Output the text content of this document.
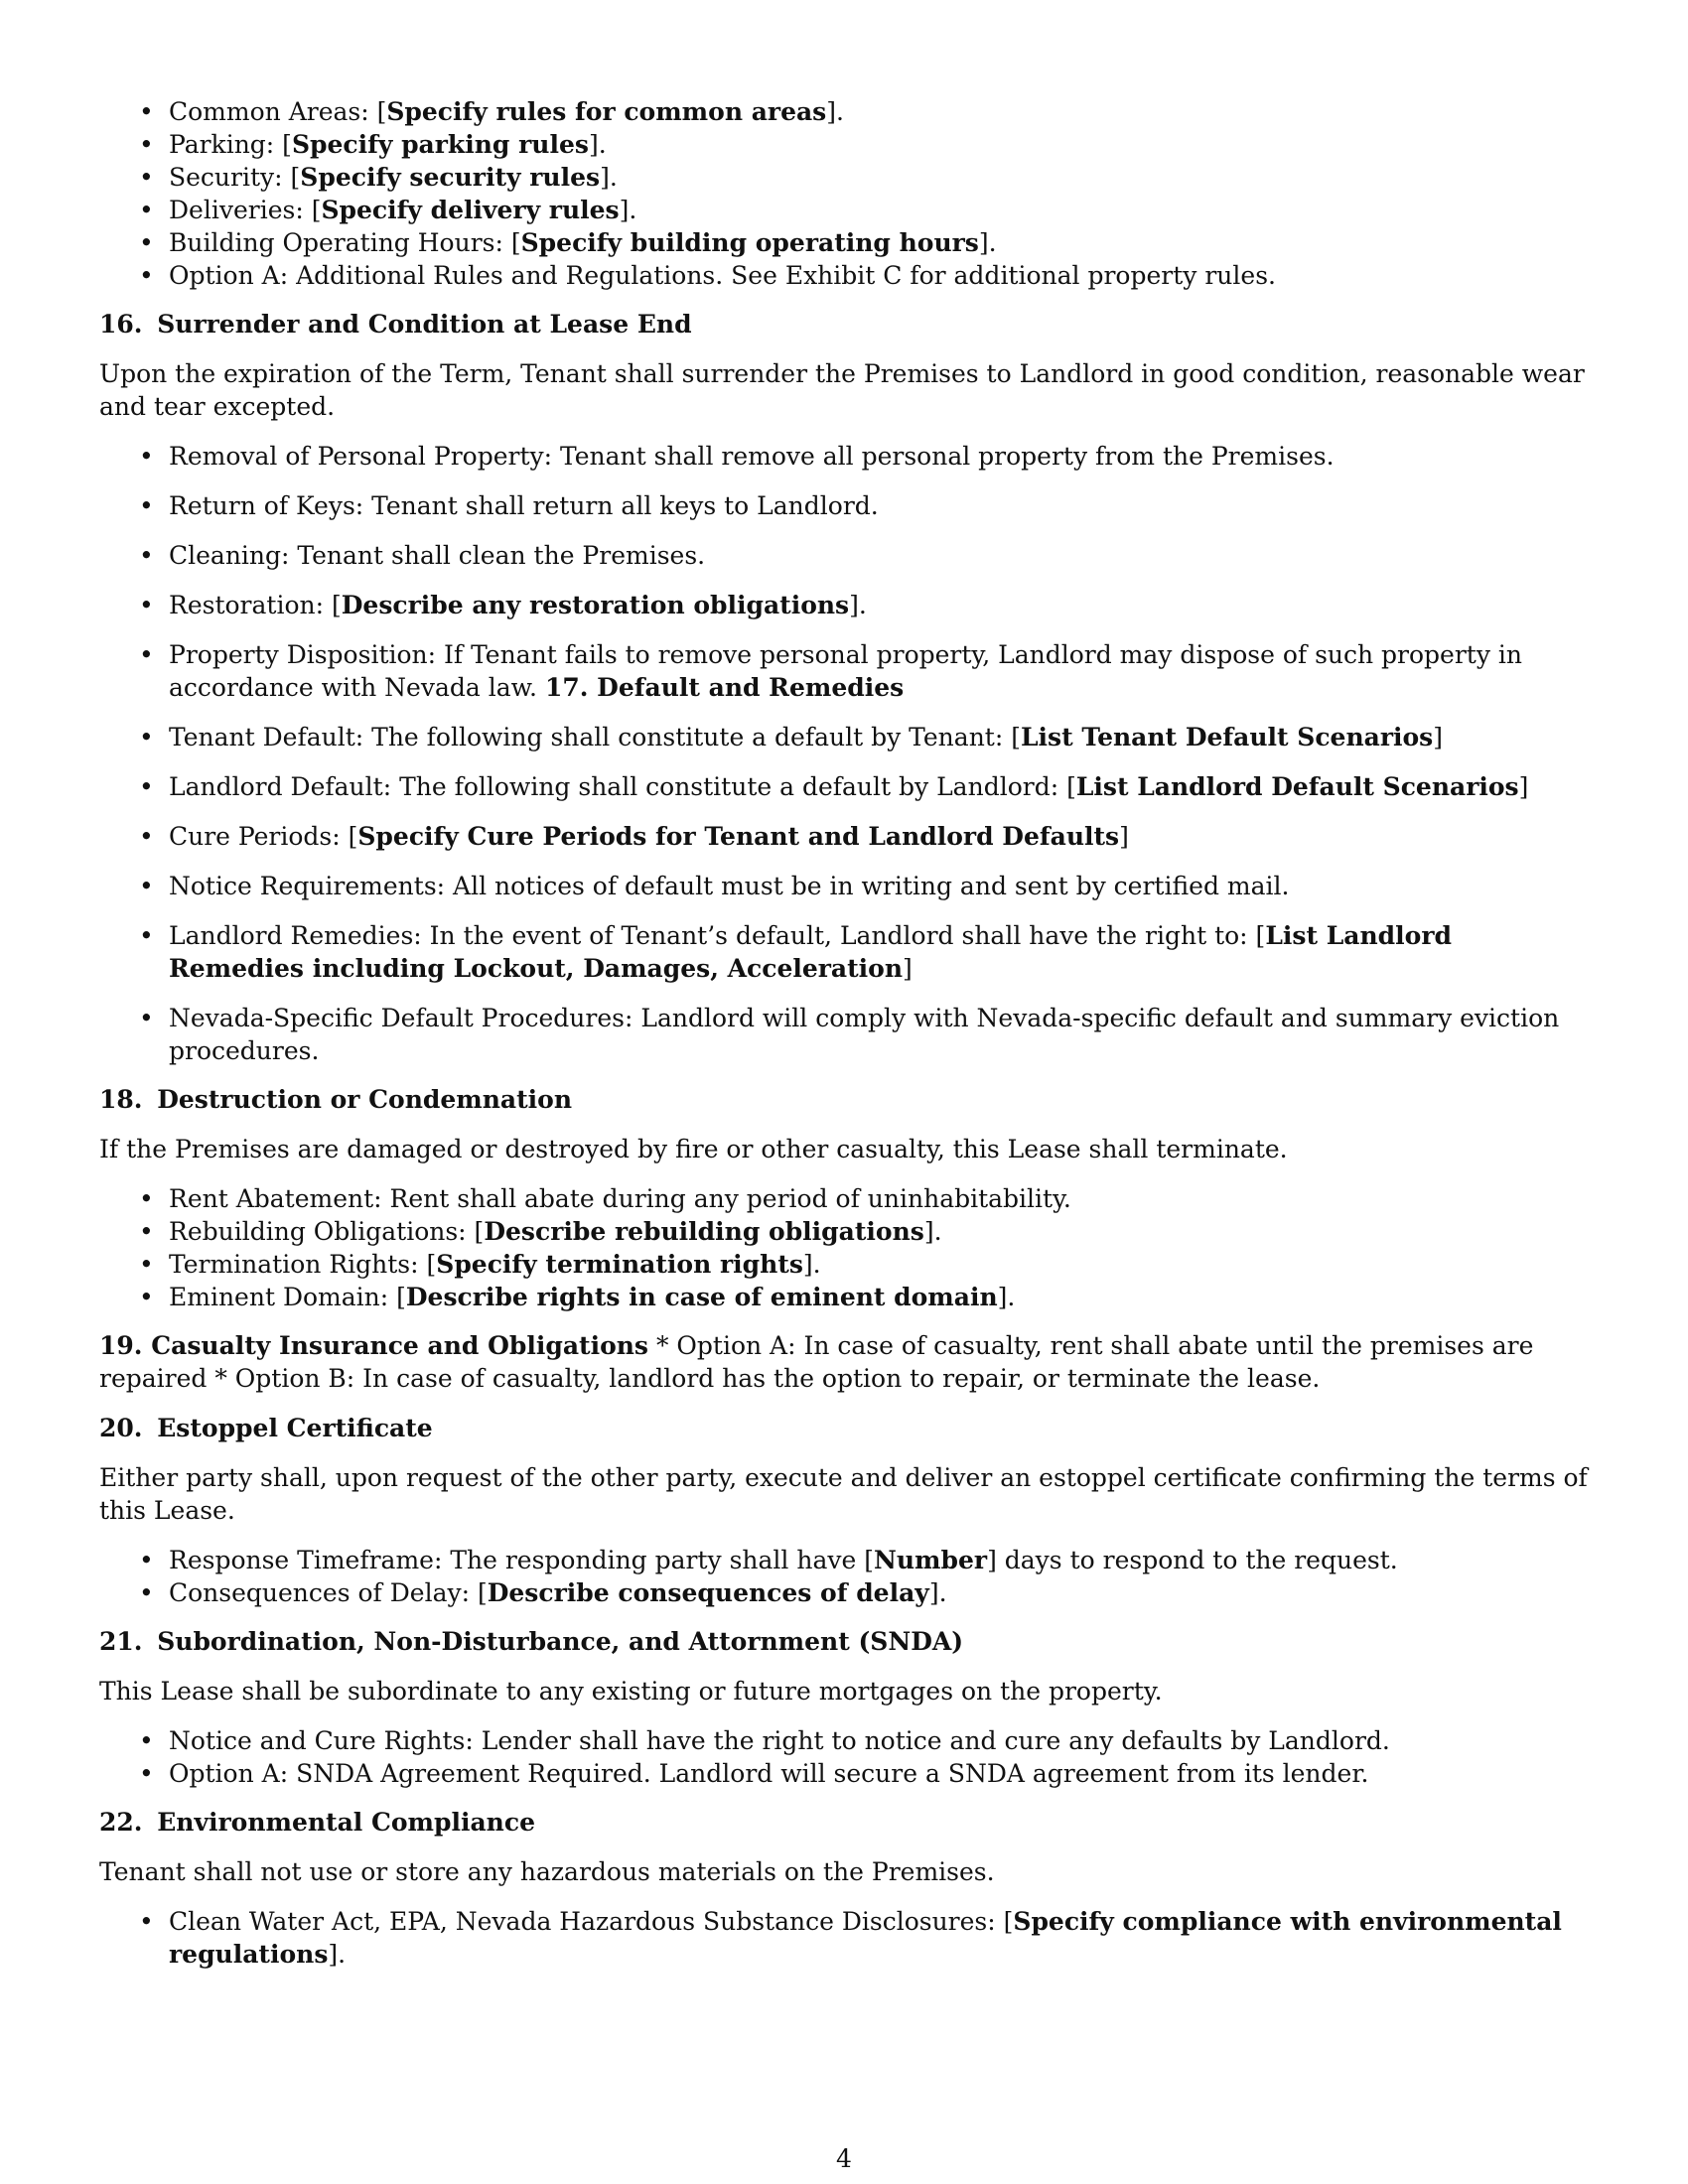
• Common Areas: [Specify rules for common areas].
• Parking: [Specify parking rules].
• Security: [Specify security rules].
• Deliveries: [Specify delivery rules].
• Building Operating Hours: [Specify building operating hours].
• Option A: Additional Rules and Regulations. See Exhibit C for additional property rules.
16. Surrender and Condition at Lease End

Upon the expiration of the Term, Tenant shall surrender the Premises to Landlord in good condition, reasonable wear and tear excepted.

• Removal of Personal Property: Tenant shall remove all personal property from the Premises.
• Return of Keys: Tenant shall return all keys to Landlord.
• Cleaning: Tenant shall clean the Premises.
• Restoration: [Describe any restoration obligations].
• Property Disposition: If Tenant fails to remove personal property, Landlord may dispose of such property in accordance with Nevada law. 17. Default and Remedies
• Tenant Default: The following shall constitute a default by Tenant: [List Tenant Default Scenarios]
• Landlord Default: The following shall constitute a default by Landlord: [List Landlord Default Scenarios]
• Cure Periods: [Specify Cure Periods for Tenant and Landlord Defaults]
• Notice Requirements: All notices of default must be in writing and sent by certified mail.
• Landlord Remedies: In the event of Tenant’s default, Landlord shall have the right to: [List Landlord Remedies including Lockout, Damages, Acceleration]
• Nevada-Specific Default Procedures: Landlord will comply with Nevada-specific default and summary eviction procedures.
18. Destruction or Condemnation

If the Premises are damaged or destroyed by fire or other casualty, this Lease shall terminate.

• Rent Abatement: Rent shall abate during any period of uninhabitability.
• Rebuilding Obligations: [Describe rebuilding obligations].
• Termination Rights: [Specify termination rights].
• Eminent Domain: [Describe rights in case of eminent domain].

19. Casualty Insurance and Obligations * Option A: In case of casualty, rent shall abate until the premises are repaired * Option B: In case of casualty, landlord has the option to repair, or terminate the lease.

20. Estoppel Certificate

Either party shall, upon request of the other party, execute and deliver an estoppel certificate confirming the terms of this Lease.

• Response Timeframe: The responding party shall have [Number] days to respond to the request.
• Consequences of Delay: [Describe consequences of delay].
21. Subordination, Non-Disturbance, and Attornment (SNDA)

This Lease shall be subordinate to any existing or future mortgages on the property.

• Notice and Cure Rights: Lender shall have the right to notice and cure any defaults by Landlord.
• Option A: SNDA Agreement Required. Landlord will secure a SNDA agreement from its lender.
22. Environmental Compliance

Tenant shall not use or store any hazardous materials on the Premises.

• Clean Water Act, EPA, Nevada Hazardous Substance Disclosures: [Specify compliance with environmental regulations].
4
